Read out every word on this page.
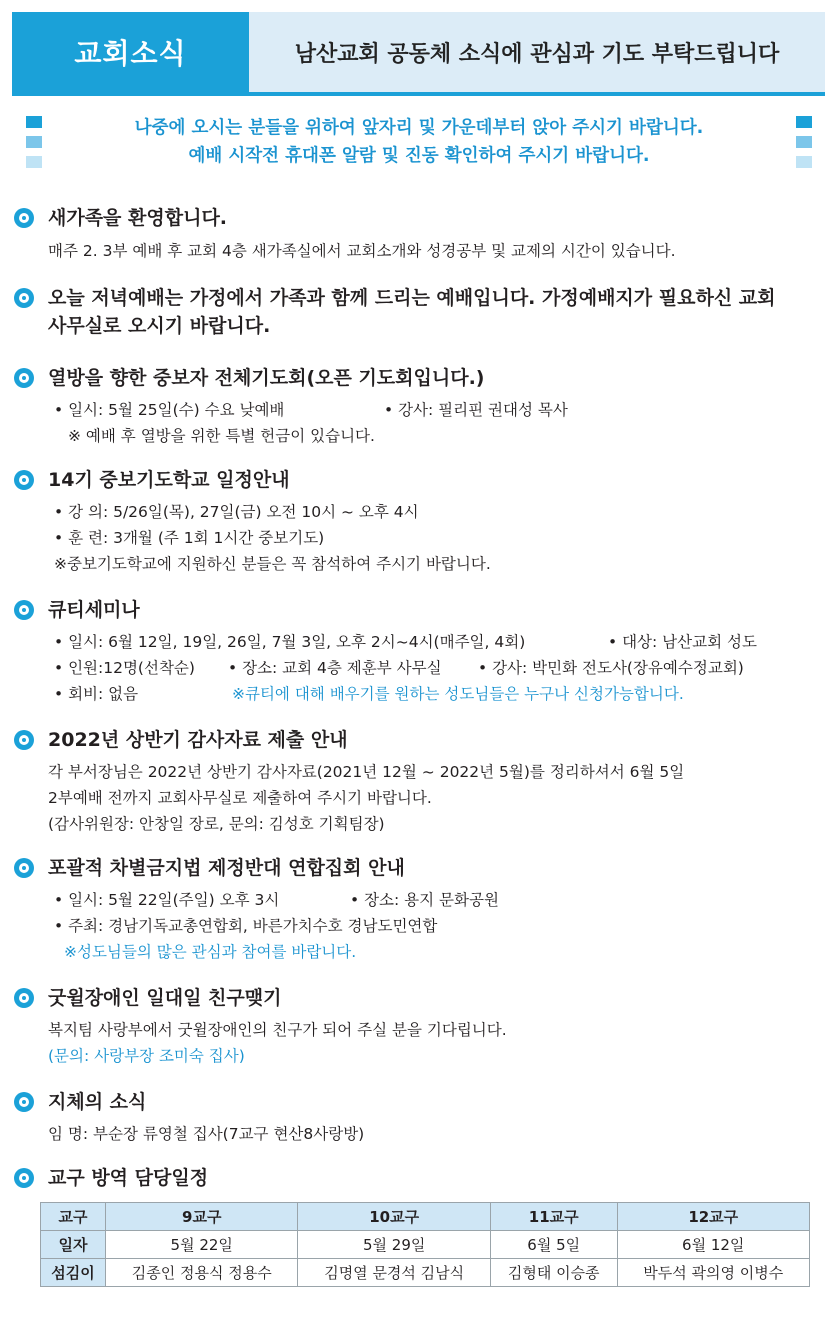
교회소식	남산교회 공동체 소식에 관심과 기도 부탁드립니다
나중에 오시는 분들을 위하여 앞자리 및 가운데부터 앉아 주시기 바랍니다.
예배 시작전 휴대폰 알람 및 진동 확인하여 주시기 바랍니다.
새가족을 환영합니다.
매주 2. 3부 예배 후 교회 4층 새가족실에서 교회소개와 성경공부 및 교제의 시간이 있습니다.
오늘 저녁예배는 가정에서 가족과 함께 드리는 예배입니다. 가정예배지가 필요하신 교회
사무실로 오시기 바랍니다.
열방을 향한 중보자 전체기도회(오픈 기도회입니다.)
• 일시: 5월 25일(수) 수요 낮예배	• 강사: 필리핀 권대성 목사
※ 예배 후 열방을 위한 특별 헌금이 있습니다.
14기 중보기도학교 일정안내
• 강 의: 5/26일(목), 27일(금) 오전 10시 ~ 오후 4시
• 훈 련: 3개월 (주 1회 1시간 중보기도)
※중보기도학교에 지원하신 분들은 꼭 참석하여 주시기 바랍니다.
큐티세미나
• 일시: 6월 12일, 19일, 26일, 7월 3일, 오후 2시~4시(매주일, 4회)	• 대상: 남산교회 성도
• 인원:12명(선착순) • 장소: 교회 4층 제훈부 사무실 • 강사: 박민화 전도사(장유예수정교회)
• 회비: 없음	※큐티에 대해 배우기를 원하는 성도님들은 누구나 신청가능합니다.
2022년 상반기 감사자료 제출 안내
각 부서장님은 2022년 상반기 감사자료(2021년 12월 ~ 2022년 5월)를 정리하셔서 6월 5일
2부예배 전까지 교회사무실로 제출하여 주시기 바랍니다.
(감사위원장: 안창일 장로, 문의: 김성호 기획팀장)
포괄적 차별금지법 제정반대 연합집회 안내
• 일시: 5월 22일(주일) 오후 3시	• 장소: 용지 문화공원
• 주최: 경남기독교총연합회, 바른가치수호 경남도민연합
※성도님들의 많은 관심과 참여를 바랍니다.
굿윌장애인 일대일 친구맺기
복지팀 사랑부에서 굿윌장애인의 친구가 되어 주실 분을 기다립니다.
(문의: 사랑부장 조미숙 집사)
지체의 소식
임 명: 부순장 류영철 집사(7교구 현산8사랑방)
교구 방역 담당일정
교구	9교구	10교구	11교구	12교구
일자	5월 22일	5월 29일	6월 5일	6월 12일
섬김이	김종인 정용식 정용수	김명열 문경석 김남식	김형태 이승종	박두석 곽의영 이병수
